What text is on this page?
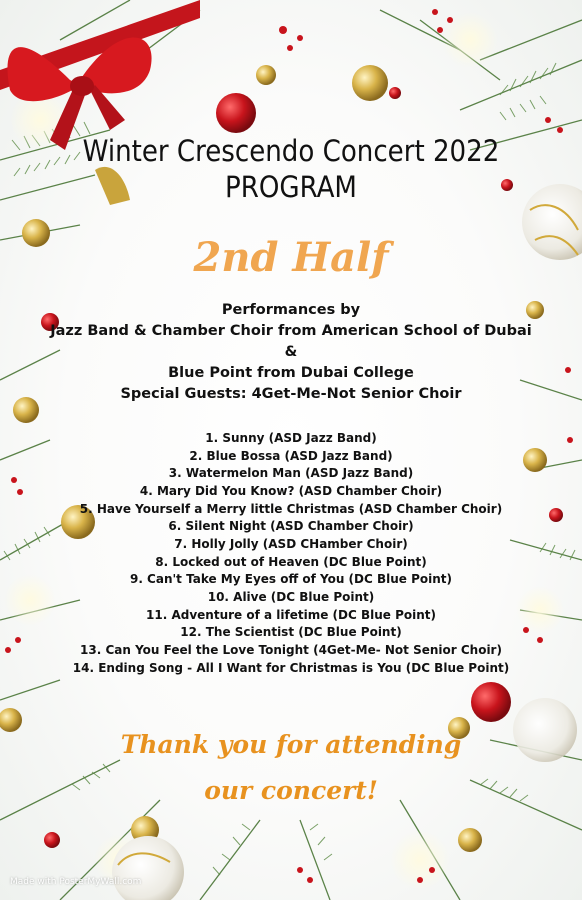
Winter Crescendo Concert 2022
PROGRAM
2nd Half
Performances by
Jazz Band & Chamber Choir from American School of Dubai
&
Blue Point from Dubai College
Special Guests: 4Get-Me-Not Senior Choir
1. Sunny (ASD Jazz Band)
2. Blue Bossa (ASD Jazz Band)
3. Watermelon Man (ASD Jazz Band)
4. Mary Did You Know? (ASD Chamber Choir)
5. Have Yourself a Merry little Christmas (ASD Chamber Choir)
6. Silent Night (ASD Chamber Choir)
7. Holly Jolly (ASD CHamber Choir)
8. Locked out of Heaven (DC Blue Point)
9. Can't Take My Eyes off of You (DC Blue Point)
10. Alive (DC Blue Point)
11. Adventure of a lifetime (DC Blue Point)
12. The Scientist (DC Blue Point)
13. Can You Feel the Love Tonight (4Get-Me- Not Senior Choir)
14. Ending Song - All I Want for Christmas is You (DC Blue Point)
Thank you for attending
our concert!
Made with PosterMyWall.com
